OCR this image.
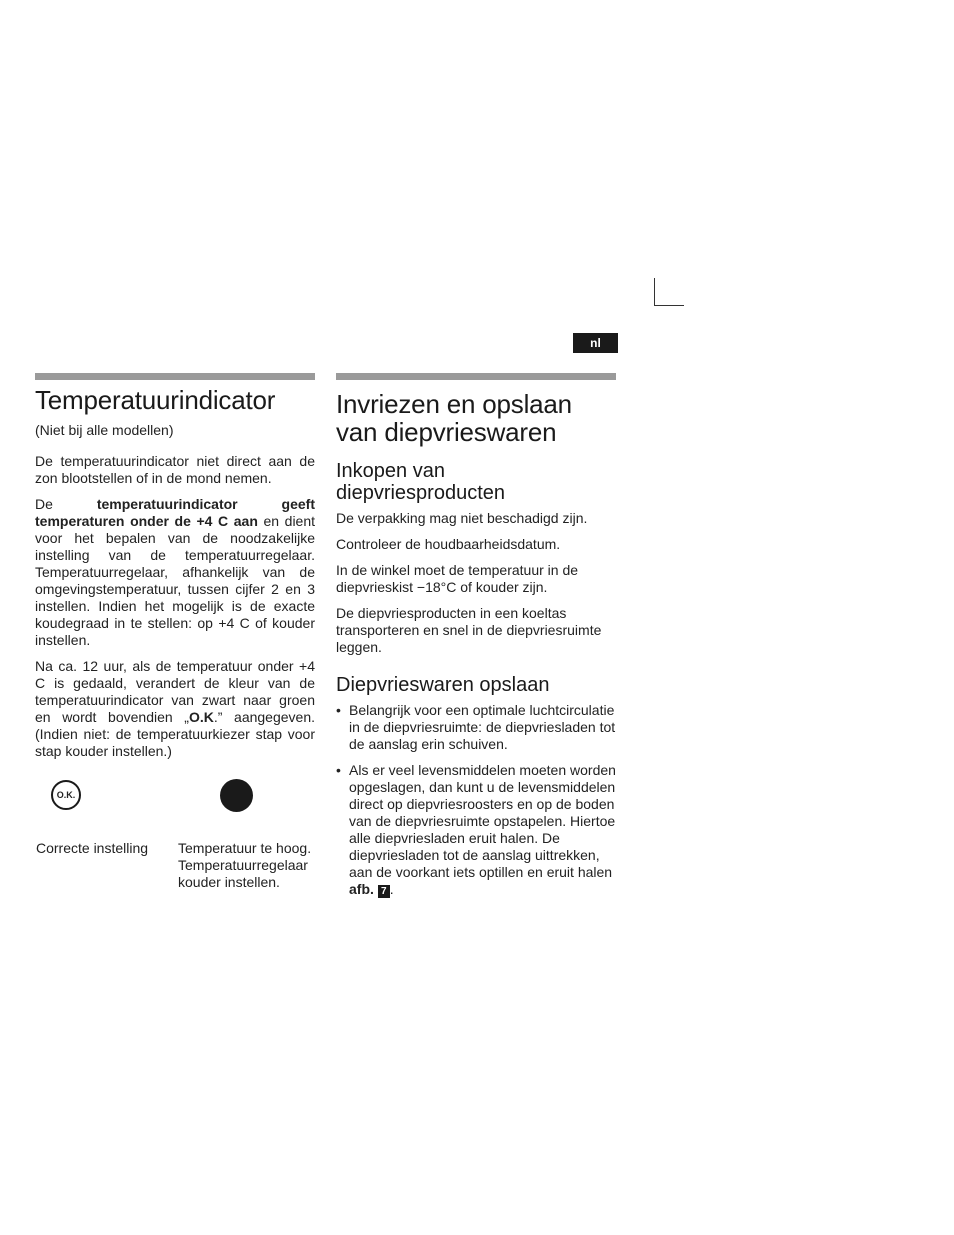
nl
Temperatuurindicator

(Niet bij alle modellen)

De temperatuurindicator niet direct aan de zon blootstellen of in de mond nemen.

De temperatuurindicator geeft temperaturen onder de +4 C aan en dient voor het bepalen van de noodzakelijke instelling van de temperatuurregelaar. Temperatuurregelaar, afhankelijk van de omgevingstemperatuur, tussen cijfer 2 en 3 instellen. Indien het mogelijk is de exacte koudegraad in te stellen: op +4 C of kouder instellen.

Na ca. 12 uur, als de temperatuur onder +4 C is gedaald, verandert de kleur van de temperatuurindicator van zwart naar groen en wordt bovendien „O.K.” aangegeven. (Indien niet: de temperatuurkiezer stap voor stap kouder instellen.)

O.K.
Correcte instelling	Temperatuur te hoog. Temperatuurregelaar kouder instellen.
Invriezen en opslaan van diepvrieswaren
Inkopen van diepvriesproducten

De verpakking mag niet beschadigd zijn.

Controleer de houdbaarheidsdatum.

In de winkel moet de temperatuur in de diepvrieskist −18°C of kouder zijn.

De diepvriesproducten in een koeltas transporteren en snel in de diepvriesruimte leggen.

Diepvrieswaren opslaan
• Belangrijk voor een optimale luchtcirculatie in de diepvriesruimte: de diepvriesladen tot de aanslag erin schuiven.
• Als er veel levensmiddelen moeten worden opgeslagen, dan kunt u de levensmiddelen direct op diepvriesroosters en op de boden van de diepvriesruimte opstapelen. Hiertoe alle diepvriesladen eruit halen. De diepvriesladen tot de aanslag uittrekken, aan de voorkant iets optillen en eruit halen afb. 7 .
